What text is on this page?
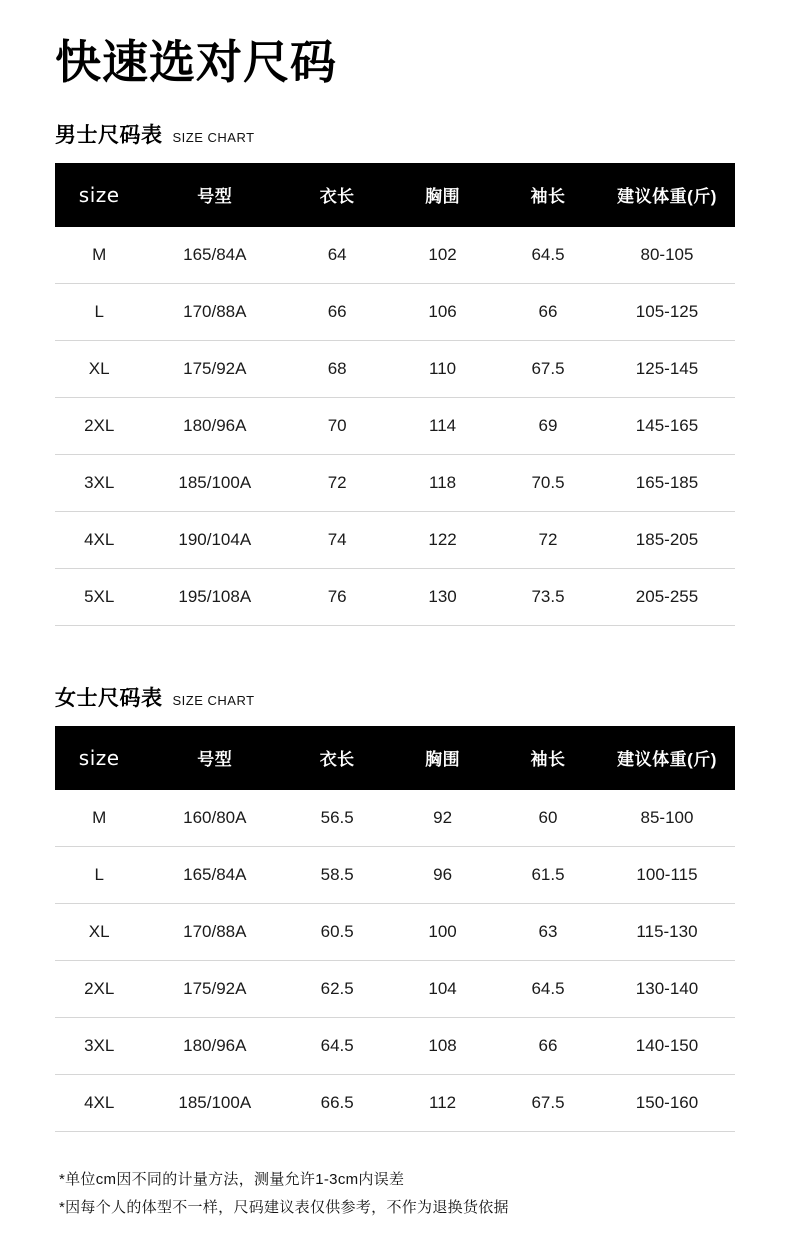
快速选对尺码
男士尺码表 SIZE CHART
size	号型	衣长	胸围	袖长	建议体重(斤)
M	165/84A	64	102	64.5	80-105
L	170/88A	66	106	66	105-125
XL	175/92A	68	110	67.5	125-145
2XL	180/96A	70	114	69	145-165
3XL	185/100A	72	118	70.5	165-185
4XL	190/104A	74	122	72	185-205
5XL	195/108A	76	130	73.5	205-255
女士尺码表 SIZE CHART
size	号型	衣长	胸围	袖长	建议体重(斤)
M	160/80A	56.5	92	60	85-100
L	165/84A	58.5	96	61.5	100-115
XL	170/88A	60.5	100	63	115-130
2XL	175/92A	62.5	104	64.5	130-140
3XL	180/96A	64.5	108	66	140-150
4XL	185/100A	66.5	112	67.5	150-160
*单位cm因不同的计量方法，测量允许1-3cm内误差
*因每个人的体型不一样，尺码建议表仅供参考，不作为退换货依据
